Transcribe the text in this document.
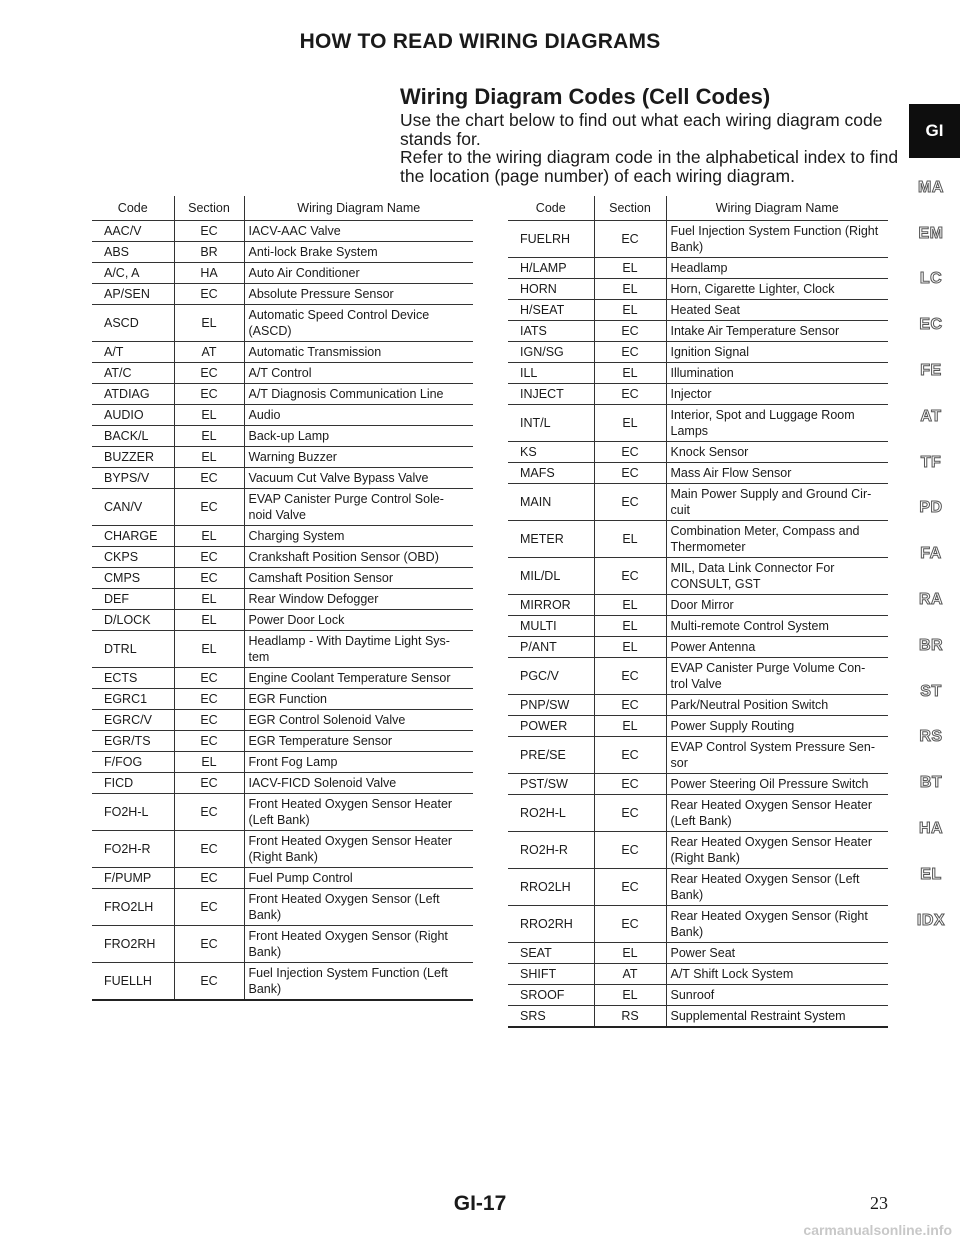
HOW TO READ WIRING DIAGRAMS
Wiring Diagram Codes (Cell Codes)

Use the chart below to find out what each wiring diagram code stands for.

Refer to the wiring diagram code in the alphabetical index to find the location (page number) of each wiring diagram.

Code	Section	Wiring Diagram Name
AAC/V	EC	IACV-AAC Valve
ABS	BR	Anti-lock Brake System
A/C, A	HA	Auto Air Conditioner
AP/SEN	EC	Absolute Pressure Sensor
ASCD	EL	Automatic Speed Control Device (ASCD)
A/T	AT	Automatic Transmission
AT/C	EC	A/T Control
ATDIAG	EC	A/T Diagnosis Communication Line
AUDIO	EL	Audio
BACK/L	EL	Back-up Lamp
BUZZER	EL	Warning Buzzer
BYPS/V	EC	Vacuum Cut Valve Bypass Valve
CAN/V	EC	EVAP Canister Purge Control Sole- noid Valve
CHARGE	EL	Charging System
CKPS	EC	Crankshaft Position Sensor (OBD)
CMPS	EC	Camshaft Position Sensor
DEF	EL	Rear Window Defogger
D/LOCK	EL	Power Door Lock
DTRL	EL	Headlamp - With Daytime Light Sys- tem
ECTS	EC	Engine Coolant Temperature Sensor
EGRC1	EC	EGR Function
EGRC/V	EC	EGR Control Solenoid Valve
EGR/TS	EC	EGR Temperature Sensor
F/FOG	EL	Front Fog Lamp
FICD	EC	IACV-FICD Solenoid Valve
FO2H-L	EC	Front Heated Oxygen Sensor Heater (Left Bank)
FO2H-R	EC	Front Heated Oxygen Sensor Heater (Right Bank)
F/PUMP	EC	Fuel Pump Control
FRO2LH	EC	Front Heated Oxygen Sensor (Left Bank)
FRO2RH	EC	Front Heated Oxygen Sensor (Right Bank)
FUELLH	EC	Fuel Injection System Function (Left Bank)
Code	Section	Wiring Diagram Name
FUELRH	EC	Fuel Injection System Function (Right Bank)
H/LAMP	EL	Headlamp
HORN	EL	Horn, Cigarette Lighter, Clock
H/SEAT	EL	Heated Seat
IATS	EC	Intake Air Temperature Sensor
IGN/SG	EC	Ignition Signal
ILL	EL	Illumination
INJECT	EC	Injector
INT/L	EL	Interior, Spot and Luggage Room Lamps
KS	EC	Knock Sensor
MAFS	EC	Mass Air Flow Sensor
MAIN	EC	Main Power Supply and Ground Cir- cuit
METER	EL	Combination Meter, Compass and Thermometer
MIL/DL	EC	MIL, Data Link Connector For CONSULT, GST
MIRROR	EL	Door Mirror
MULTI	EL	Multi-remote Control System
P/ANT	EL	Power Antenna
PGC/V	EC	EVAP Canister Purge Volume Con- trol Valve
PNP/SW	EC	Park/Neutral Position Switch
POWER	EL	Power Supply Routing
PRE/SE	EC	EVAP Control System Pressure Sen- sor
PST/SW	EC	Power Steering Oil Pressure Switch
RO2H-L	EC	Rear Heated Oxygen Sensor Heater (Left Bank)
RO2H-R	EC	Rear Heated Oxygen Sensor Heater (Right Bank)
RRO2LH	EC	Rear Heated Oxygen Sensor (Left Bank)
RRO2RH	EC	Rear Heated Oxygen Sensor (Right Bank)
SEAT	EL	Power Seat
SHIFT	AT	A/T Shift Lock System
SROOF	EL	Sunroof
SRS	RS	Supplemental Restraint System
GI
MA
EM
LC
EC
FE
AT
TF
PD
FA
RA
BR
ST
RS
BT
HA
EL
IDX
GI-17	23
carmanualsonline.info
